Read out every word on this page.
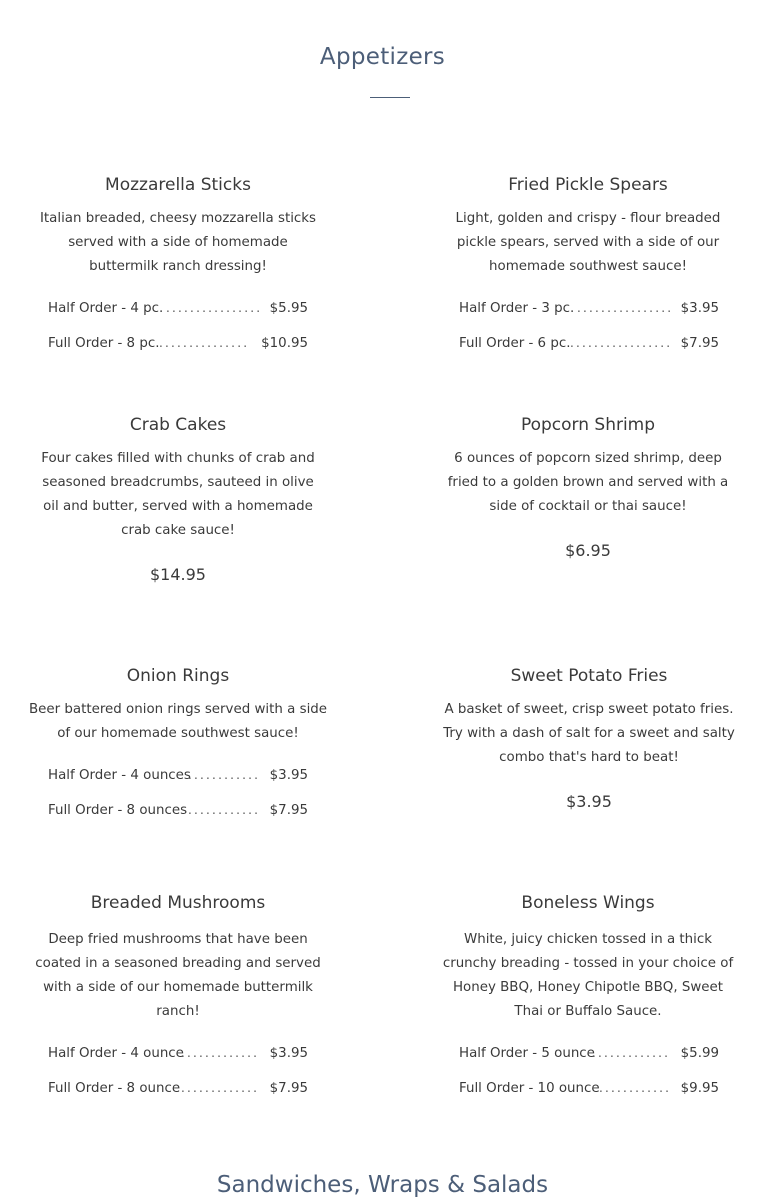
Appetizers
Mozzarella Sticks

Italian breaded, cheesy mozzarella sticks served with a side of homemade buttermilk ranch dressing!

Half Order - 4 pc. ................ $5.95
Full Order - 8 pc. ............... $10.95
Fried Pickle Spears

Light, golden and crispy - flour breaded pickle spears, served with a side of our homemade southwest sauce!

Half Order - 3 pc. ................ $3.95
Full Order - 6 pc. ................. $7.95
Crab Cakes

Four cakes filled with chunks of crab and seasoned breadcrumbs, sauteed in olive oil and butter, served with a homemade crab cake sauce!

$14.95
Popcorn Shrimp

6 ounces of popcorn sized shrimp, deep fried to a golden brown and served with a side of cocktail or thai sauce!

$6.95
Onion Rings

Beer battered onion rings served with a side of our homemade southwest sauce!

Half Order - 4 ounces
............ $3.95
Full Order - 8 ounces ............ $7.95
Sweet Potato Fries

A basket of sweet, crisp sweet potato fries. Try with a dash of salt for a sweet and salty combo that's hard to beat!

$3.95
Breaded Mushrooms

Deep fried mushrooms that have been coated in a seasoned breading and served with a side of our homemade buttermilk ranch!

Half Order - 4 ounce
............. $3.95
Full Order - 8 ounce ............. $7.95
Boneless Wings

White, juicy chicken tossed in a thick crunchy breading - tossed in your choice of Honey BBQ, Honey Chipotle BBQ, Sweet Thai or Buffalo Sauce.

Half Order - 5 ounce
............. $5.99
Full Order - 10 ounce ............ $9.95
Sandwiches, Wraps & Salads
